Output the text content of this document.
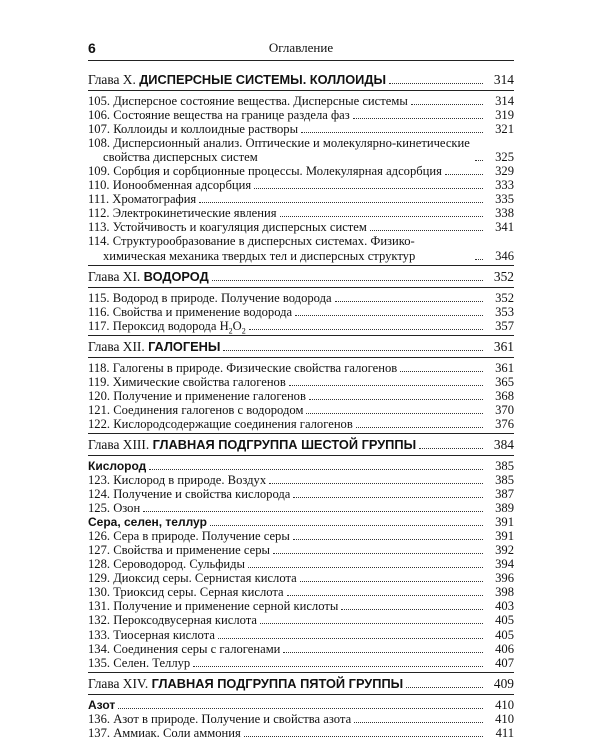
6	Оглавление
Глава X. ДИСПЕРСНЫЕ СИСТЕМЫ. КОЛЛОИДЫ	314
105. Дисперсное состояние вещества. Дисперсные системы	314
106. Состояние вещества на границе раздела фаз	319
107. Коллоиды и коллоидные растворы	321
108. Дисперсионный анализ. Оптические и молекулярно-кинетические свойства дисперсных систем	325
109. Сорбция и сорбционные процессы. Молекулярная адсорбция	329
110. Ионообменная адсорбция	333
111. Хроматография	335
112. Электрокинетические явления	338
113. Устойчивость и коагуляция дисперсных систем	341
114. Структурообразование в дисперсных системах. Физико-химическая механика твердых тел и дисперсных структур	346
Глава XI. ВОДОРОД	352
115. Водород в природе. Получение водорода	352
116. Свойства и применение водорода	353
117. Пероксид водорода H $_2O_2$	357
Глава XII. ГАЛОГЕНЫ	361
118. Галогены в природе. Физические свойства галогенов	361
119. Химические свойства галогенов	365
120. Получение и применение галогенов	368
121. Соединения галогенов с водородом	370
122. Кислородсодержащие соединения галогенов	376
Глава XIII. ГЛАВНАЯ ПОДГРУППА ШЕСТОЙ ГРУППЫ	384
Кислород	385
123. Кислород в природе. Воздух	385
124. Получение и свойства кислорода	387
125. Озон	389
Сера, селен, теллур	391
126. Сера в природе. Получение серы	391
127. Свойства и применение серы	392
128. Сероводород. Сульфиды	394
129. Диоксид серы. Сернистая кислота	396
130. Триоксид серы. Серная кислота	398
131. Получение и применение серной кислоты	403
132. Пероксодвусерная кислота	405
133. Тиосерная кислота	405
134. Соединения серы с галогенами	406
135. Селен. Теллур	407
Глава XIV. ГЛАВНАЯ ПОДГРУППА ПЯТОЙ ГРУППЫ	409
Азот	410
136. Азот в природе. Получение и свойства азота	410
137. Аммиак. Соли аммония	411
